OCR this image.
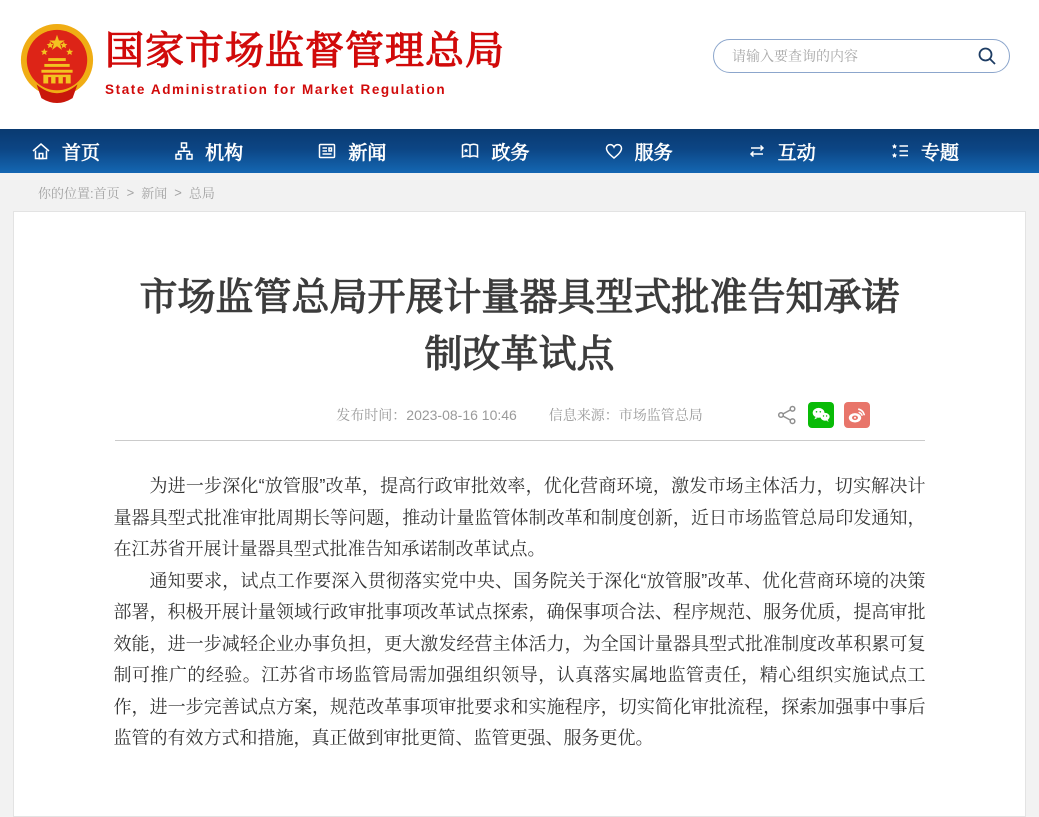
国家市场监督管理总局
State Administration for Market Regulation
请输入要查询的内容
首页	机构	新闻	政务	服务	互动	专题
你的位置: 首页 > 新闻 > 总局
市场监管总局开展计量器具型式批准告知承诺制改革试点
发布时间：2023-08-16 10:46 信息来源：市场监管总局

为进一步深化“放管服”改革，提高行政审批效率，优化营商环境，激发市场主体活力，切实解决计量器具型式批准审批周期长等问题，推动计量监管体制改革和制度创新，近日市场监管总局印发通知，在江苏省开展计量器具型式批准告知承诺制改革试点。

通知要求，试点工作要深入贯彻落实党中央、国务院关于深化“放管服”改革、优化营商环境的决策部署，积极开展计量领域行政审批事项改革试点探索，确保事项合法、程序规范、服务优质，提高审批效能，进一步减轻企业办事负担，更大激发经营主体活力，为全国计量器具型式批准制度改革积累可复制可推广的经验。江苏省市场监管局需加强组织领导，认真落实属地监管责任，精心组织实施试点工作，进一步完善试点方案，规范改革事项审批要求和实施程序，切实简化审批流程，探索加强事中事后监管的有效方式和措施，真正做到审批更简、监管更强、服务更优。
